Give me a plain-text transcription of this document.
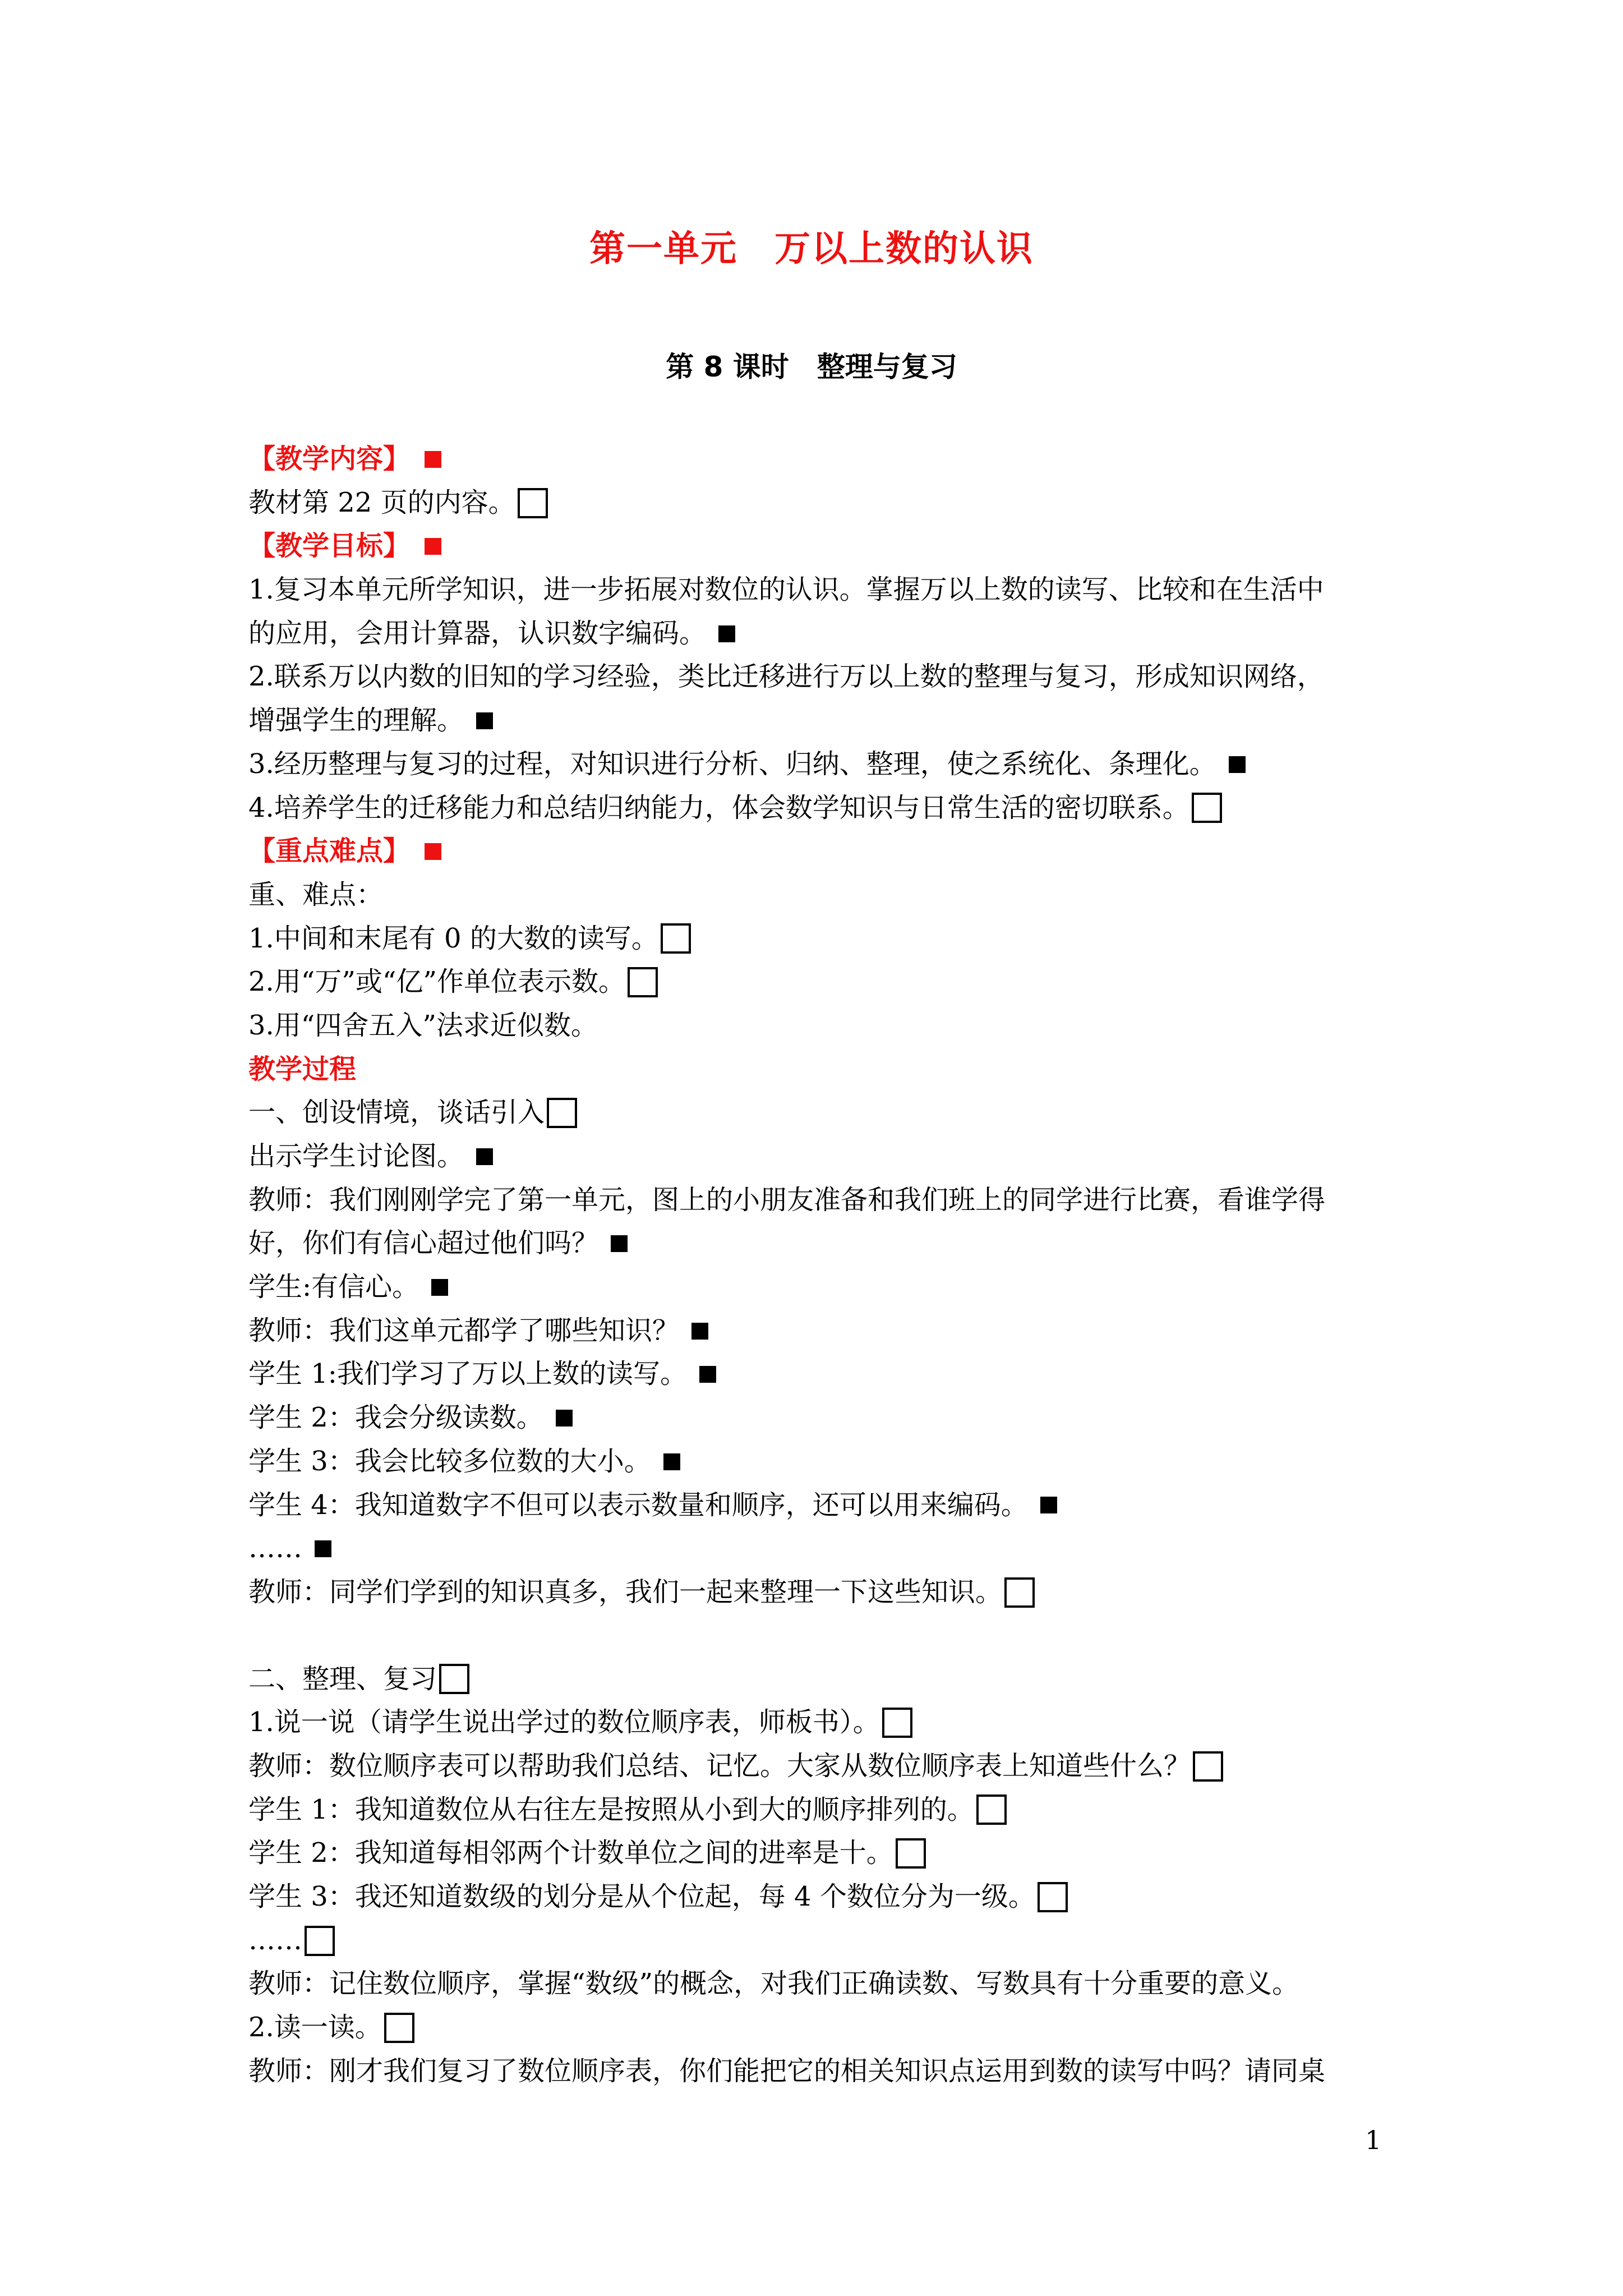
第一单元　万以上数的认识
第 8 课时　整理与复习
【教学内容】
教材第 22 页的内容。
【教学目标】
1.复习本单元所学知识，进一步拓展对数位的认识。掌握万以上数的读写、比较和在生活中
的应用，会用计算器，认识数字编码。
2.联系万以内数的旧知的学习经验，类比迁移进行万以上数的整理与复习，形成知识网络，
增强学生的理解。
3.经历整理与复习的过程，对知识进行分析、归纳、整理，使之系统化、条理化。
4.培养学生的迁移能力和总结归纳能力，体会数学知识与日常生活的密切联系。
【重点难点】
重、难点：
1.中间和末尾有 0 的大数的读写。
2.用“万”或“亿”作单位表示数。
3.用“四舍五入”法求近似数。
教学过程
一、创设情境，谈话引入
出示学生讨论图。
教师：我们刚刚学完了第一单元，图上的小朋友准备和我们班上的同学进行比赛，看谁学得
好，你们有信心超过他们吗？
学生:有信心。
教师：我们这单元都学了哪些知识？
学生 1:我们学习了万以上数的读写。
学生 2：我会分级读数。
学生 3：我会比较多位数的大小。
学生 4：我知道数字不但可以表示数量和顺序，还可以用来编码。
……
教师：同学们学到的知识真多，我们一起来整理一下这些知识。
二、整理、复习
1.说一说（请学生说出学过的数位顺序表，师板书）。
教师：数位顺序表可以帮助我们总结、记忆。大家从数位顺序表上知道些什么？
学生 1：我知道数位从右往左是按照从小到大的顺序排列的。
学生 2：我知道每相邻两个计数单位之间的进率是十。
学生 3：我还知道数级的划分是从个位起，每 4 个数位分为一级。
……
教师：记住数位顺序，掌握“数级”的概念，对我们正确读数、写数具有十分重要的意义。
2.读一读。
教师：刚才我们复习了数位顺序表，你们能把它的相关知识点运用到数的读写中吗？请同桌
1
